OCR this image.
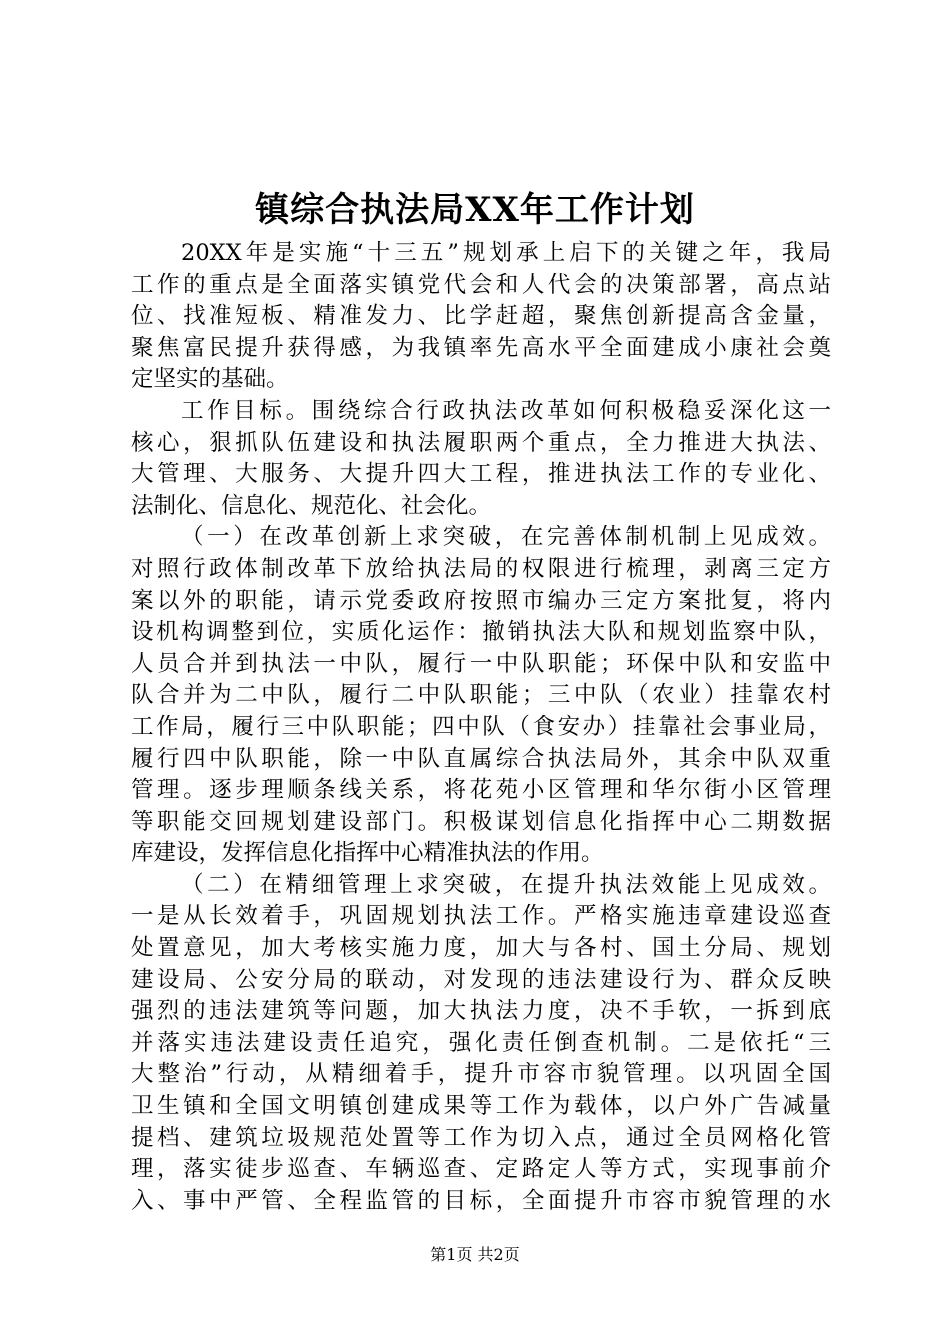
镇综合执法局XX年工作计划
20XX年是实施“十三五”规划承上启下的关键之年，我局
工作的重点是全面落实镇党代会和人代会的决策部署，高点站
位、找准短板、精准发力、比学赶超，聚焦创新提高含金量，
聚焦富民提升获得感，为我镇率先高水平全面建成小康社会奠
定坚实的基础。
工作目标。围绕综合行政执法改革如何积极稳妥深化这一
核心，狠抓队伍建设和执法履职两个重点，全力推进大执法、
大管理、大服务、大提升四大工程，推进执法工作的专业化、
法制化、信息化、规范化、社会化。
（一）在改革创新上求突破，在完善体制机制上见成效。
对照行政体制改革下放给执法局的权限进行梳理，剥离三定方
案以外的职能，请示党委政府按照市编办三定方案批复，将内
设机构调整到位，实质化运作：撤销执法大队和规划监察中队，
人员合并到执法一中队，履行一中队职能；环保中队和安监中
队合并为二中队，履行二中队职能；三中队（农业）挂靠农村
工作局，履行三中队职能；四中队（食安办）挂靠社会事业局，
履行四中队职能，除一中队直属综合执法局外，其余中队双重
管理。逐步理顺条线关系，将花苑小区管理和华尔街小区管理
等职能交回规划建设部门。积极谋划信息化指挥中心二期数据
库建设，发挥信息化指挥中心精准执法的作用。
（二）在精细管理上求突破，在提升执法效能上见成效。
一是从长效着手，巩固规划执法工作。严格实施违章建设巡查
处置意见，加大考核实施力度，加大与各村、国土分局、规划
建设局、公安分局的联动，对发现的违法建设行为、群众反映
强烈的违法建筑等问题，加大执法力度，决不手软，一拆到底
并落实违法建设责任追究，强化责任倒查机制。二是依托“三
大整治”行动，从精细着手，提升市容市貌管理。以巩固全国
卫生镇和全国文明镇创建成果等工作为载体，以户外广告减量
提档、建筑垃圾规范处置等工作为切入点，通过全员网格化管
理，落实徒步巡查、车辆巡查、定路定人等方式，实现事前介
入、事中严管、全程监管的目标，全面提升市容市貌管理的水
第1页 共2页
